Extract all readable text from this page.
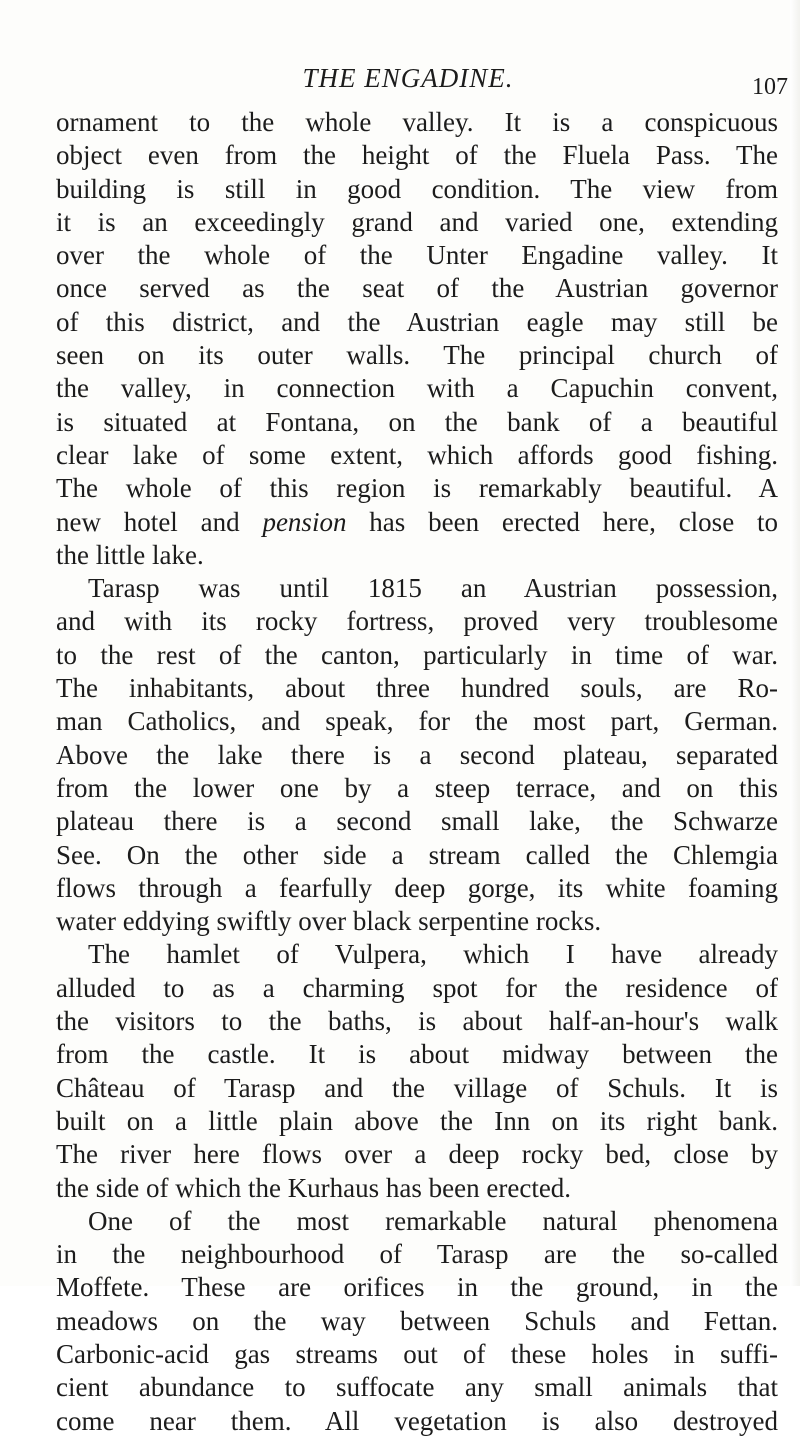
THE ENGADINE.	107
ornament to the whole valley. It is a conspicuous
object even from the height of the Fluela Pass. The
building is still in good condition. The view from
it is an exceedingly grand and varied one, extending
over the whole of the Unter Engadine valley. It
once served as the seat of the Austrian governor
of this district, and the Austrian eagle may still be
seen on its outer walls. The principal church of
the valley, in connection with a Capuchin convent,
is situated at Fontana, on the bank of a beautiful
clear lake of some extent, which affords good fishing.
The whole of this region is remarkably beautiful. A
new hotel and pension has been erected here, close to
the little lake.
Tarasp was until 1815 an Austrian possession,
and with its rocky fortress, proved very troublesome
to the rest of the canton, particularly in time of war.
The inhabitants, about three hundred souls, are Ro-
man Catholics, and speak, for the most part, German.
Above the lake there is a second plateau, separated
from the lower one by a steep terrace, and on this
plateau there is a second small lake, the Schwarze
See. On the other side a stream called the Chlemgia
flows through a fearfully deep gorge, its white foaming
water eddying swiftly over black serpentine rocks.
The hamlet of Vulpera, which I have already
alluded to as a charming spot for the residence of
the visitors to the baths, is about half-an-hour's walk
from the castle. It is about midway between the
Château of Tarasp and the village of Schuls. It is
built on a little plain above the Inn on its right bank.
The river here flows over a deep rocky bed, close by
the side of which the Kurhaus has been erected.
One of the most remarkable natural phenomena
in the neighbourhood of Tarasp are the so-called
Moffete. These are orifices in the ground, in the
meadows on the way between Schuls and Fettan.
Carbonic-acid gas streams out of these holes in suffi-
cient abundance to suffocate any small animals that
come near them. All vegetation is also destroyed
